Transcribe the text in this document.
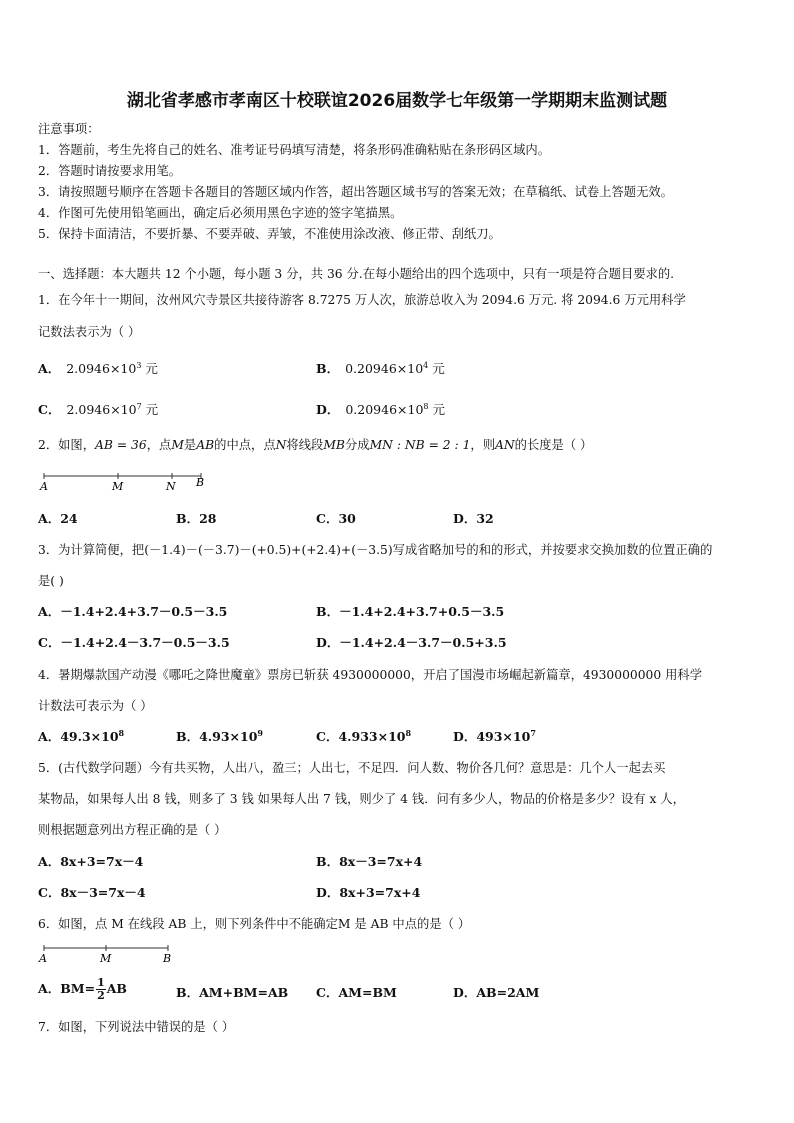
湖北省孝感市孝南区十校联谊2026届数学七年级第一学期期末监测试题
注意事项：
1．答题前，考生先将自己的姓名、准考证号码填写清楚，将条形码准确粘贴在条形码区域内。
2．答题时请按要求用笔。
3．请按照题号顺序在答题卡各题目的答题区域内作答，超出答题区域书写的答案无效；在草稿纸、试卷上答题无效。
4．作图可先使用铅笔画出，确定后必须用黑色字迹的签字笔描黑。
5．保持卡面清洁，不要折暴、不要弄破、弄皱，不准使用涂改液、修正带、刮纸刀。
一、选择题：本大题共 12 个小题，每小题 3 分，共 36 分.在每小题给出的四个选项中，只有一项是符合题目要求的.
1．在今年十一期间，汝州风穴寺景区共接待游客 8.7275 万人次，旅游总收入为 2094.6 万元. 将 2094.6 万元用科学
记数法表示为（ ）
A． $2.0946\times 10^3$ 元	B． $0.20946\times 10^4$ 元
C． $2.0946\times 10^7$ 元	D． $0.20946\times 10^8$ 元
2．如图，AB = 36，点M是AB的中点，点N将线段MB分成MN : NB = 2 : 1，则AN的长度是（ ）
A	M	N B
A．24	B．28	C．30	D．32
3．为计算简便，把(－1.4)－(－3.7)－(+0.5)+(+2.4)+(－3.5)写成省略加号的和的形式，并按要求交换加数的位置正确的
是( )
A．－1.4+2.4+3.7－0.5－3.5	B．－1.4+2.4+3.7+0.5－3.5
C．－1.4+2.4－3.7－0.5－3.5	D．－1.4+2.4－3.7－0.5+3.5
4．暑期爆款国产动漫《哪吒之降世魔童》票房已斩获 4930000000，开启了国漫市场崛起新篇章，4930000000 用科学
计数法可表示为（ ）
A．$49.3\times 10^8$	B．$4.93\times 10^9$	C．$4.933\times 10^8$	D．$493\times 10^7$
5．(古代数学问题）今有共买物，人出八，盈三；人出七，不足四．问人数、物价各几何？意思是：几个人一起去买
某物品，如果每人出 8 钱，则多了 3 钱 如果每人出 7 钱，则少了 4 钱．问有多少人，物品的价格是多少？设有 x 人，
则根据题意列出方程正确的是（ ）
A．8x+3=7x－4	B．8x－3=7x+4
C．8x－3=7x－4	D．8x+3=7x+4
6．如图，点 M 在线段 AB 上，则下列条件中不能确定M 是 AB 中点的是（ ）
A	M	B
A．$BM= \frac{1}{2}$ AB	B．AM+BM=AB C．AM=BM	D．AB=2AM
7．如图，下列说法中错误的是（ ）
